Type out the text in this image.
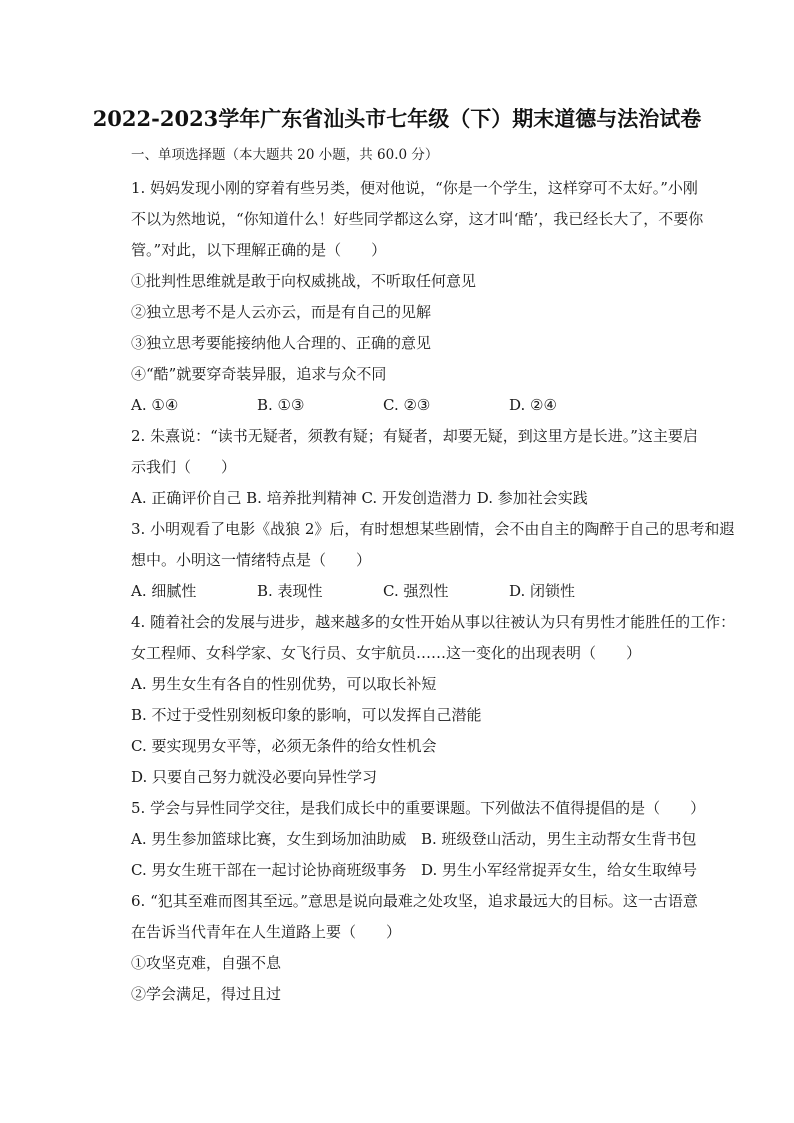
2022-2023学年广东省汕头市七年级（下）期末道德与法治试卷
一、单项选择题（本大题共 20 小题，共 60.0 分）
1. 妈妈发现小刚的穿着有些另类，便对他说，“你是一个学生，这样穿可不太好。”小刚
不以为然地说，“你知道什么！好些同学都这么穿，这才叫‘酷’，我已经长大了，不要你
管。”对此，以下理解正确的是（　　）
①批判性思维就是敢于向权威挑战，不听取任何意见
②独立思考不是人云亦云，而是有自己的见解
③独立思考要能接纳他人合理的、正确的意见
④“酷”就要穿奇装异服，追求与众不同
A. ①④	B. ①③	C. ②③	D. ②④
2. 朱熹说：“读书无疑者，须教有疑；有疑者，却要无疑，到这里方是长进。”这主要启
示我们（　　）
A. 正确评价自己 B. 培养批判精神 C. 开发创造潜力 D. 参加社会实践
3. 小明观看了电影《战狼 2》后，有时想想某些剧情，会不由自主的陶醉于自己的思考和遐
想中。小明这一情绪特点是（　　）
A. 细腻性	B. 表现性	C. 强烈性	D. 闭锁性
4. 随着社会的发展与进步，越来越多的女性开始从事以往被认为只有男性才能胜任的工作：
女工程师、女科学家、女飞行员、女宇航员……这一变化的出现表明（　　）
A. 男生女生有各自的性别优势，可以取长补短
B. 不过于受性别刻板印象的影响，可以发挥自己潜能
C. 要实现男女平等，必须无条件的给女性机会
D. 只要自己努力就没必要向异性学习
5. 学会与异性同学交往，是我们成长中的重要课题。下列做法不值得提倡的是（　　）
A. 男生参加篮球比赛，女生到场加油助威 B. 班级登山活动，男生主动帮女生背书包
C. 男女生班干部在一起讨论协商班级事务 D. 男生小军经常捉弄女生，给女生取绰号
6. “犯其至难而图其至远。”意思是说向最难之处攻坚，追求最远大的目标。这一古语意
在告诉当代青年在人生道路上要（　　）
①攻坚克难，自强不息
②学会满足，得过且过
